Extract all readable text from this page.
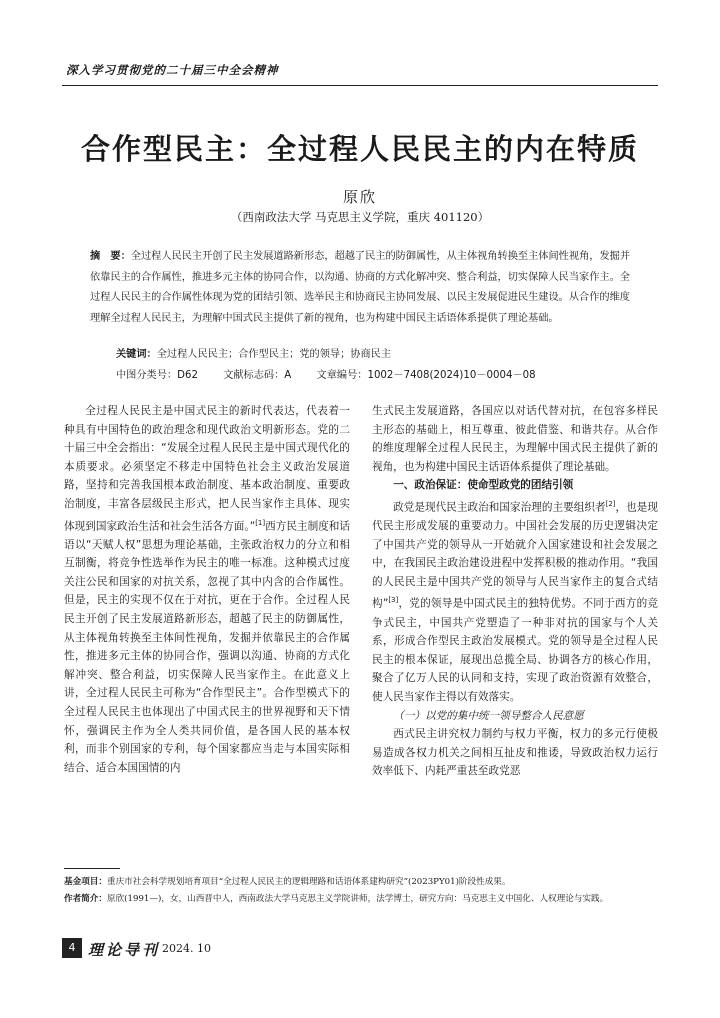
深入学习贯彻党的二十届三中全会精神
合作型民主：全过程人民民主的内在特质
原欣
（西南政法大学 马克思主义学院，重庆 401120）
摘　要：全过程人民民主开创了民主发展道路新形态，超越了民主的防御属性，从主体视角转换至主体间性视角，发掘并依靠民主的合作属性，推进多元主体的协同合作，以沟通、协商的方式化解冲突、整合利益，切实保障人民当家作主。全过程人民民主的合作属性体现为党的团结引领、选举民主和协商民主协同发展、以民主发展促进民生建设。从合作的维度理解全过程人民民主，为理解中国式民主提供了新的视角，也为构建中国民主话语体系提供了理论基础。
关键词：全过程人民民主；合作型民主；党的领导；协商民主
中图分类号：D62 文献标志码：A 文章编号：1002－7408(2024)10－0004－08

全过程人民民主是中国式民主的新时代表达，代表着一种具有中国特色的政治理念和现代政治文明新形态。党的二十届三中全会指出：“发展全过程人民民主是中国式现代化的本质要求。必须坚定不移走中国特色社会主义政治发展道路，坚持和完善我国根本政治制度、基本政治制度、重要政治制度，丰富各层级民主形式，把人民当家作主具体、现实体现到国家政治生活和社会生活各方面。”[1]西方民主制度和话语以“天赋人权”思想为理论基础，主张政治权力的分立和相互制衡，将竞争性选举作为民主的唯一标准。这种模式过度关注公民和国家的对抗关系，忽视了其中内含的合作属性。但是，民主的实现不仅在于对抗，更在于合作。全过程人民民主开创了民主发展道路新形态，超越了民主的防御属性，从主体视角转换至主体间性视角，发掘并依靠民主的合作属性，推进多元主体的协同合作，强调以沟通、协商的方式化解冲突、整合利益，切实保障人民当家作主。在此意义上讲，全过程人民民主可称为“合作型民主”。合作型模式下的全过程人民民主也体现出了中国式民主的世界视野和天下情怀，强调民主作为全人类共同价值，是各国人民的基本权利，而非个别国家的专利，每个国家都应当走与本国实际相结合、适合本国国情的内

生式民主发展道路，各国应以对话代替对抗，在包容多样民主形态的基础上，相互尊重、彼此借鉴、和谐共存。从合作的维度理解全过程人民民主，为理解中国式民主提供了新的视角，也为构建中国民主话语体系提供了理论基础。

一、政治保证：使命型政党的团结引领

政党是现代民主政治和国家治理的主要组织者[2]，也是现代民主形成发展的重要动力。中国社会发展的历史逻辑决定了中国共产党的领导从一开始就介入国家建设和社会发展之中，在我国民主政治建设进程中发挥积极的推动作用。“我国的人民民主是中国共产党的领导与人民当家作主的复合式结构”[3]，党的领导是中国式民主的独特优势。不同于西方的竞争式民主，中国共产党塑造了一种非对抗的国家与个人关系，形成合作型民主政治发展模式。党的领导是全过程人民民主的根本保证，展现出总揽全局、协调各方的核心作用，聚合了亿万人民的认同和支持，实现了政治资源有效整合，使人民当家作主得以有效落实。

（一）以党的集中统一领导整合人民意愿

西式民主讲究权力制约与权力平衡，权力的多元行使极易造成各权力机关之间相互扯皮和推诿，导致政治权力运行效率低下、内耗严重甚至政党恶

基金项目：重庆市社会科学规划培育项目“全过程人民民主的逻辑理路和话语体系建构研究”(2023PY01)阶段性成果。
作者简介：原欣(1991—)，女，山西晋中人，西南政法大学马克思主义学院讲师，法学博士，研究方向：马克思主义中国化、人权理论与实践。
4 理论导刊 2024. 10
